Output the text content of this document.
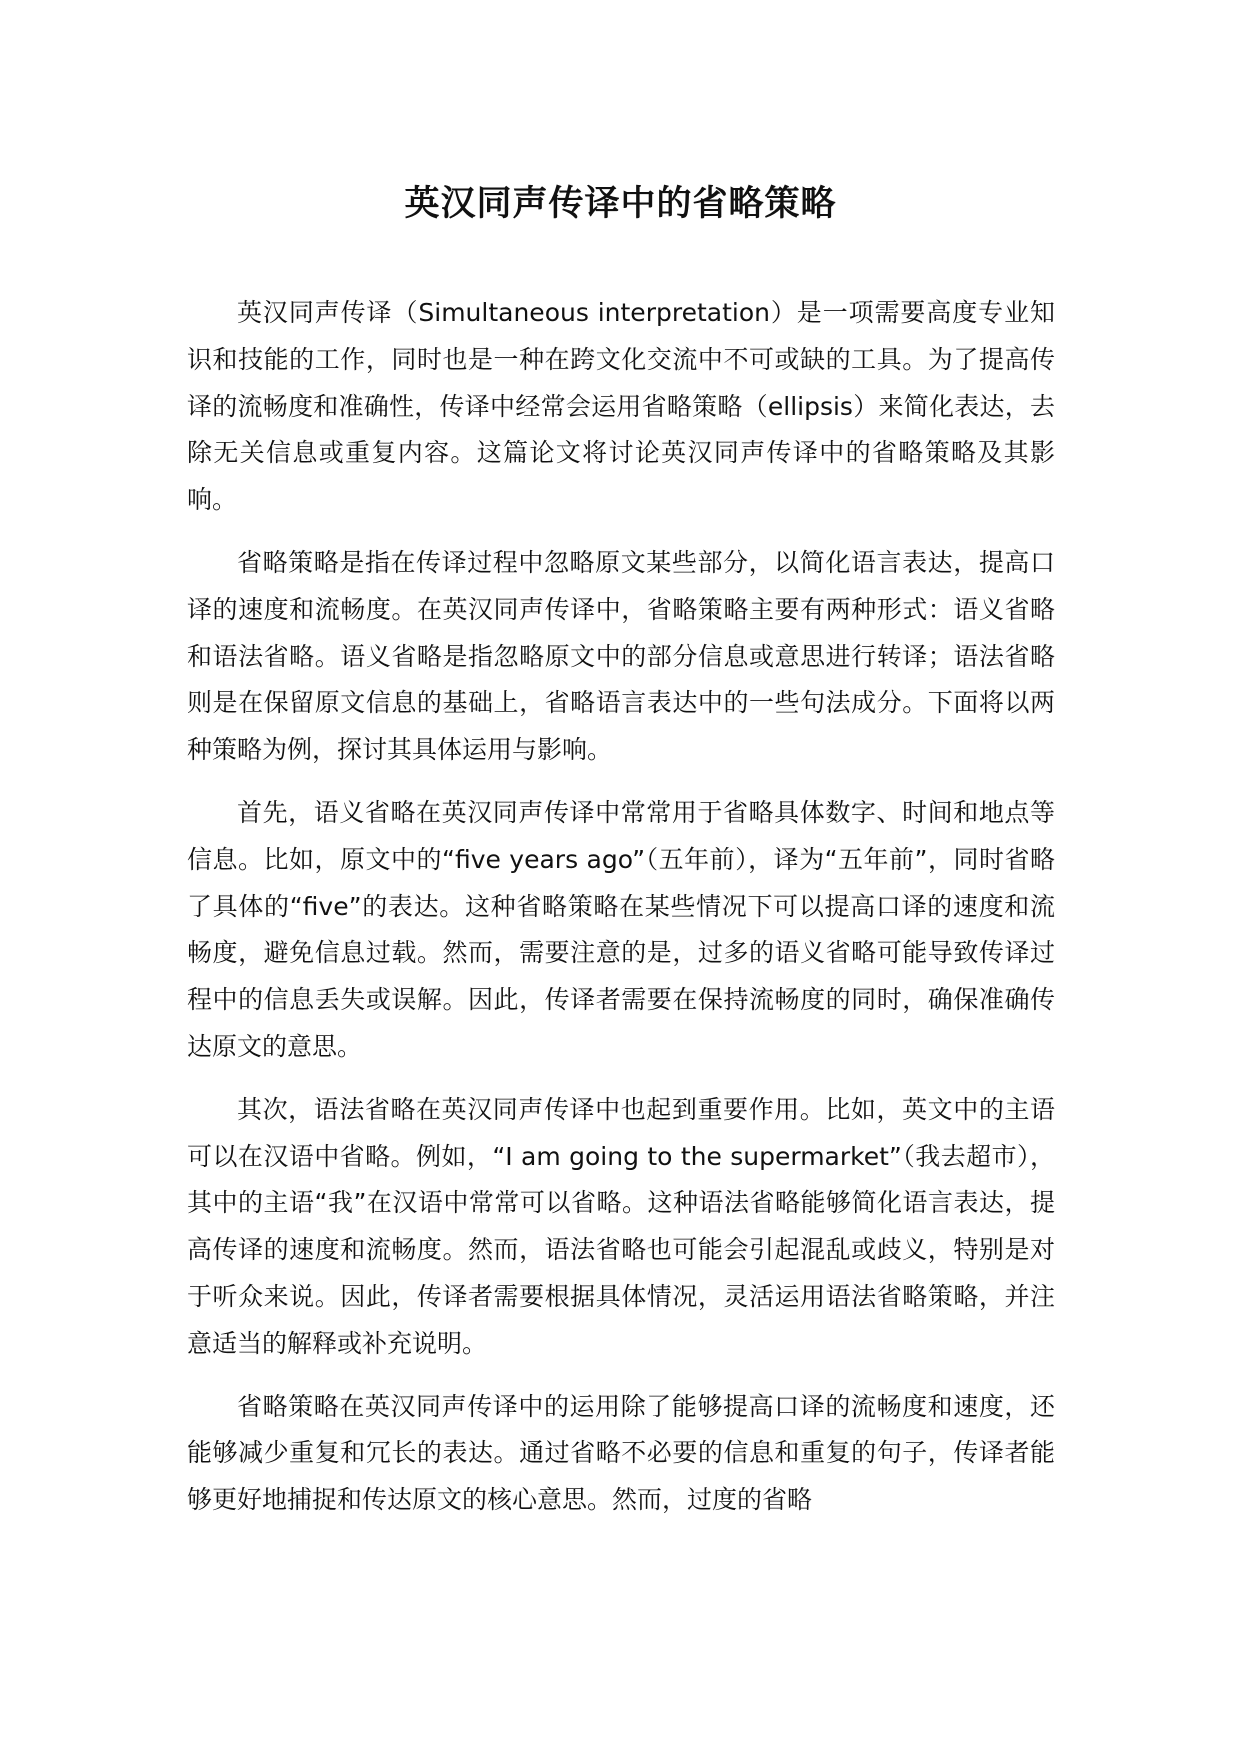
英汉同声传译中的省略策略

英汉同声传译（Simultaneous interpretation）是一项需要高度专业知识和技能的工作，同时也是一种在跨文化交流中不可或缺的工具。为了提高传译的流畅度和准确性，传译中经常会运用省略策略（ellipsis）来简化表达，去除无关信息或重复内容。这篇论文将讨论英汉同声传译中的省略策略及其影响。

省略策略是指在传译过程中忽略原文某些部分，以简化语言表达，提高口译的速度和流畅度。在英汉同声传译中，省略策略主要有两种形式：语义省略和语法省略。语义省略是指忽略原文中的部分信息或意思进行转译；语法省略则是在保留原文信息的基础上，省略语言表达中的一些句法成分。下面将以两种策略为例，探讨其具体运用与影响。

首先，语义省略在英汉同声传译中常常用于省略具体数字、时间和地点等信息。比如，原文中的“five years ago”（五年前），译为“五年前”，同时省略了具体的“five”的表达。这种省略策略在某些情况下可以提高口译的速度和流畅度，避免信息过载。然而，需要注意的是，过多的语义省略可能导致传译过程中的信息丢失或误解。因此，传译者需要在保持流畅度的同时，确保准确传达原文的意思。

其次，语法省略在英汉同声传译中也起到重要作用。比如，英文中的主语可以在汉语中省略。例如，“I am going to the supermarket”（我去超市），其中的主语“我”在汉语中常常可以省略。这种语法省略能够简化语言表达，提高传译的速度和流畅度。然而，语法省略也可能会引起混乱或歧义，特别是对于听众来说。因此，传译者需要根据具体情况，灵活运用语法省略策略，并注意适当的解释或补充说明。

省略策略在英汉同声传译中的运用除了能够提高口译的流畅度和速度，还能够减少重复和冗长的表达。通过省略不必要的信息和重复的句子，传译者能够更好地捕捉和传达原文的核心意思。然而，过度的省略
